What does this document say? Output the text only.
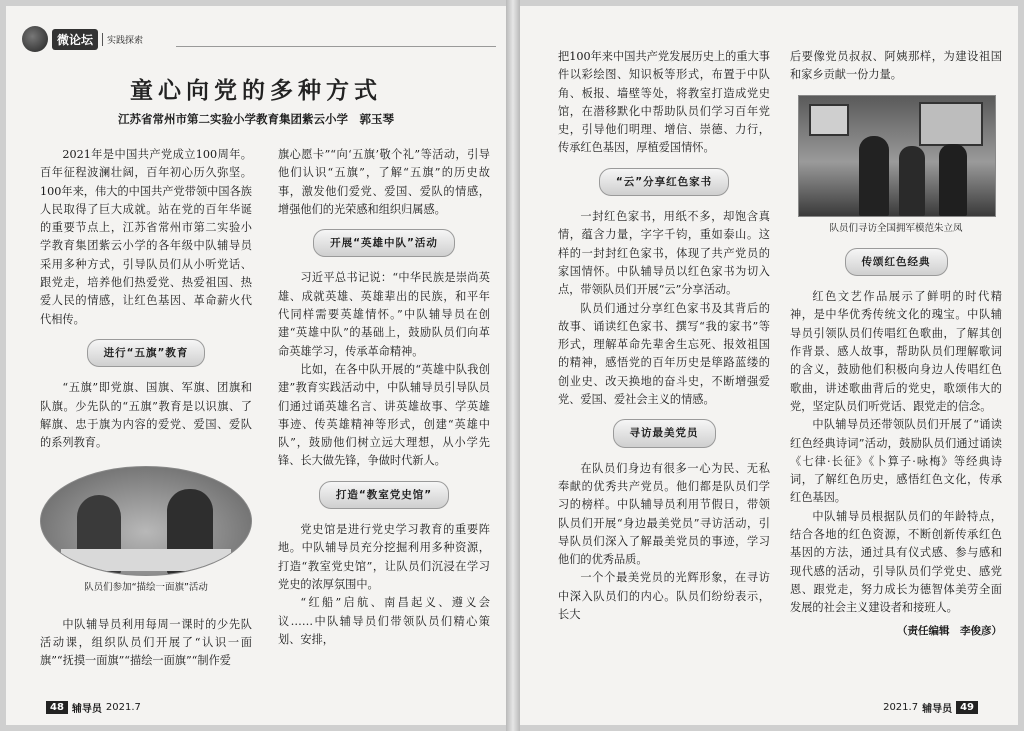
微论坛	实践探索
童心向党的多种方式
江苏省常州市第二实验小学教育集团紫云小学　郭玉琴

2021年是中国共产党成立100周年。百年征程波澜壮阔，百年初心历久弥坚。100年来，伟大的中国共产党带领中国各族人民取得了巨大成就。站在党的百年华诞的重要节点上，江苏省常州市第二实验小学教育集团紫云小学的各年级中队辅导员采用多种方式，引导队员们从小听党话、跟党走，培养他们热爱党、热爱祖国、热爱人民的情感，让红色基因、革命薪火代代相传。

进行“五旗”教育

“五旗”即党旗、国旗、军旗、团旗和队旗。少先队的“五旗”教育是以识旗、了解旗、忠于旗为内容的爱党、爱国、爱队的系列教育。

队员们参加“描绘一面旗”活动

中队辅导员利用每周一课时的少先队活动课，组织队员们开展了“认识一面旗”“抚摸一面旗”“描绘一面旗”“制作爱

旗心愿卡”“向‘五旗’敬个礼”等活动，引导他们认识“五旗”，了解“五旗”的历史故事，激发他们爱党、爱国、爱队的情感，增强他们的光荣感和组织归属感。

开展“英雄中队”活动

习近平总书记说：“中华民族是崇尚英雄、成就英雄、英雄辈出的民族，和平年代同样需要英雄情怀。”中队辅导员在创建“英雄中队”的基础上，鼓励队员们向革命英雄学习，传承革命精神。

比如，在各中队开展的“英雄中队我创建”教育实践活动中，中队辅导员引导队员们通过诵英雄名言、讲英雄故事、学英雄事迹、传英雄精神等形式，创建“英雄中队”，鼓励他们树立远大理想，从小学先锋、长大做先锋，争做时代新人。

打造“教室党史馆”

党史馆是进行党史学习教育的重要阵地。中队辅导员充分挖掘利用多种资源，打造“教室党史馆”，让队员们沉浸在学习党史的浓厚氛围中。

“红船”启航、南昌起义、遵义会议……中队辅导员们带领队员们精心策划、安排，

48 辅导员 2021.7

把100年来中国共产党发展历史上的重大事件以彩绘图、知识板等形式，布置于中队角、板报、墙壁等处，将教室打造成党史馆，在潜移默化中帮助队员们学习百年党史，引导他们明理、增信、崇德、力行，传承红色基因，厚植爱国情怀。

“云”分享红色家书

一封红色家书，用纸不多，却饱含真情，蕴含力量，字字千钧，重如泰山。这样的一封封红色家书，体现了共产党员的家国情怀。中队辅导员以红色家书为切入点，带领队员们开展“云”分享活动。

队员们通过分享红色家书及其背后的故事、诵读红色家书、撰写“我的家书”等形式，理解革命先辈舍生忘死、报效祖国的精神，感悟党的百年历史是筚路蓝缕的创业史、改天换地的奋斗史，不断增强爱党、爱国、爱社会主义的情感。

寻访最美党员

在队员们身边有很多一心为民、无私奉献的优秀共产党员。他们都是队员们学习的榜样。中队辅导员利用节假日，带领队员们开展“身边最美党员”寻访活动，引导队员们深入了解最美党员的事迹，学习他们的优秀品质。

一个个最美党员的光辉形象，在寻访中深入队员们的内心。队员们纷纷表示，长大

后要像党员叔叔、阿姨那样，为建设祖国和家乡贡献一份力量。

队员们寻访全国拥军模范朱立凤
传颂红色经典

红色文艺作品展示了鲜明的时代精神，是中华优秀传统文化的瑰宝。中队辅导员引领队员们传唱红色歌曲，了解其创作背景、感人故事，帮助队员们理解歌词的含义，鼓励他们积极向身边人传唱红色歌曲，讲述歌曲背后的党史，歌颂伟大的党，坚定队员们听党话、跟党走的信念。

中队辅导员还带领队员们开展了“诵读红色经典诗词”活动，鼓励队员们通过诵读《七律·长征》《卜算子·咏梅》等经典诗词，了解红色历史，感悟红色文化，传承红色基因。

中队辅导员根据队员们的年龄特点，结合各地的红色资源，不断创新传承红色基因的方法，通过具有仪式感、参与感和现代感的活动，引导队员们学党史、感党恩、跟党走，努力成长为德智体美劳全面发展的社会主义建设者和接班人。

（责任编辑　李俊彦）

2021.7 辅导员 49
